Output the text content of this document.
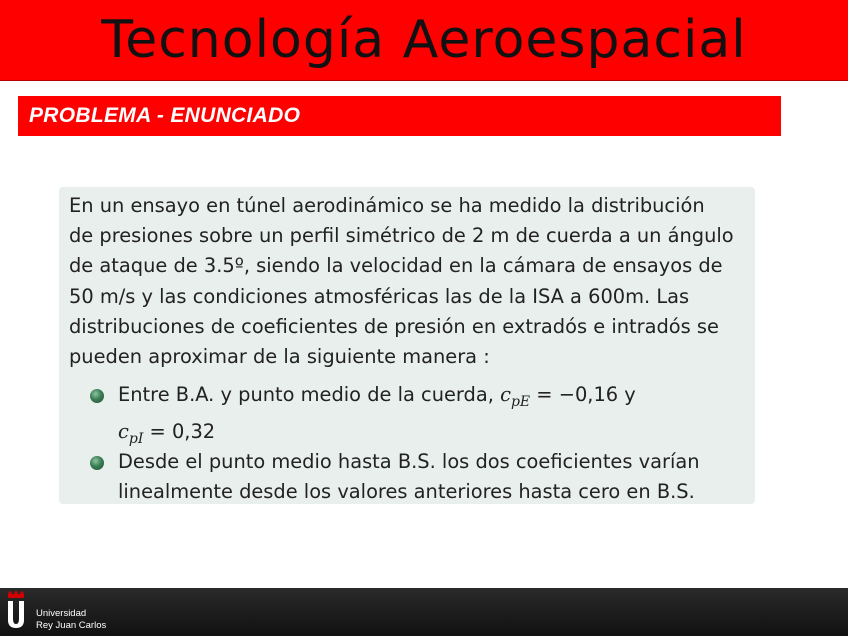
Tecnología Aeroespacial
PROBLEMA - ENUNCIADO
En un ensayo en túnel aerodinámico se ha medido la distribución
de presiones sobre un perfil simétrico de 2 m de cuerda a un ángulo
de ataque de 3.5º, siendo la velocidad en la cámara de ensayos de
50 m/s y las condiciones atmosféricas las de la ISA a 600m. Las
distribuciones de coeficientes de presión en extradós e intradós se
pueden aproximar de la siguiente manera :
Entre B.A. y punto medio de la cuerda, $c_{pE} = -0,16$ y
$c_{pI} = 0,32$
Desde el punto medio hasta B.S. los dos coeficientes varían
linealmente desde los valores anteriores hasta cero en B.S.
Universidad
Rey Juan Carlos
